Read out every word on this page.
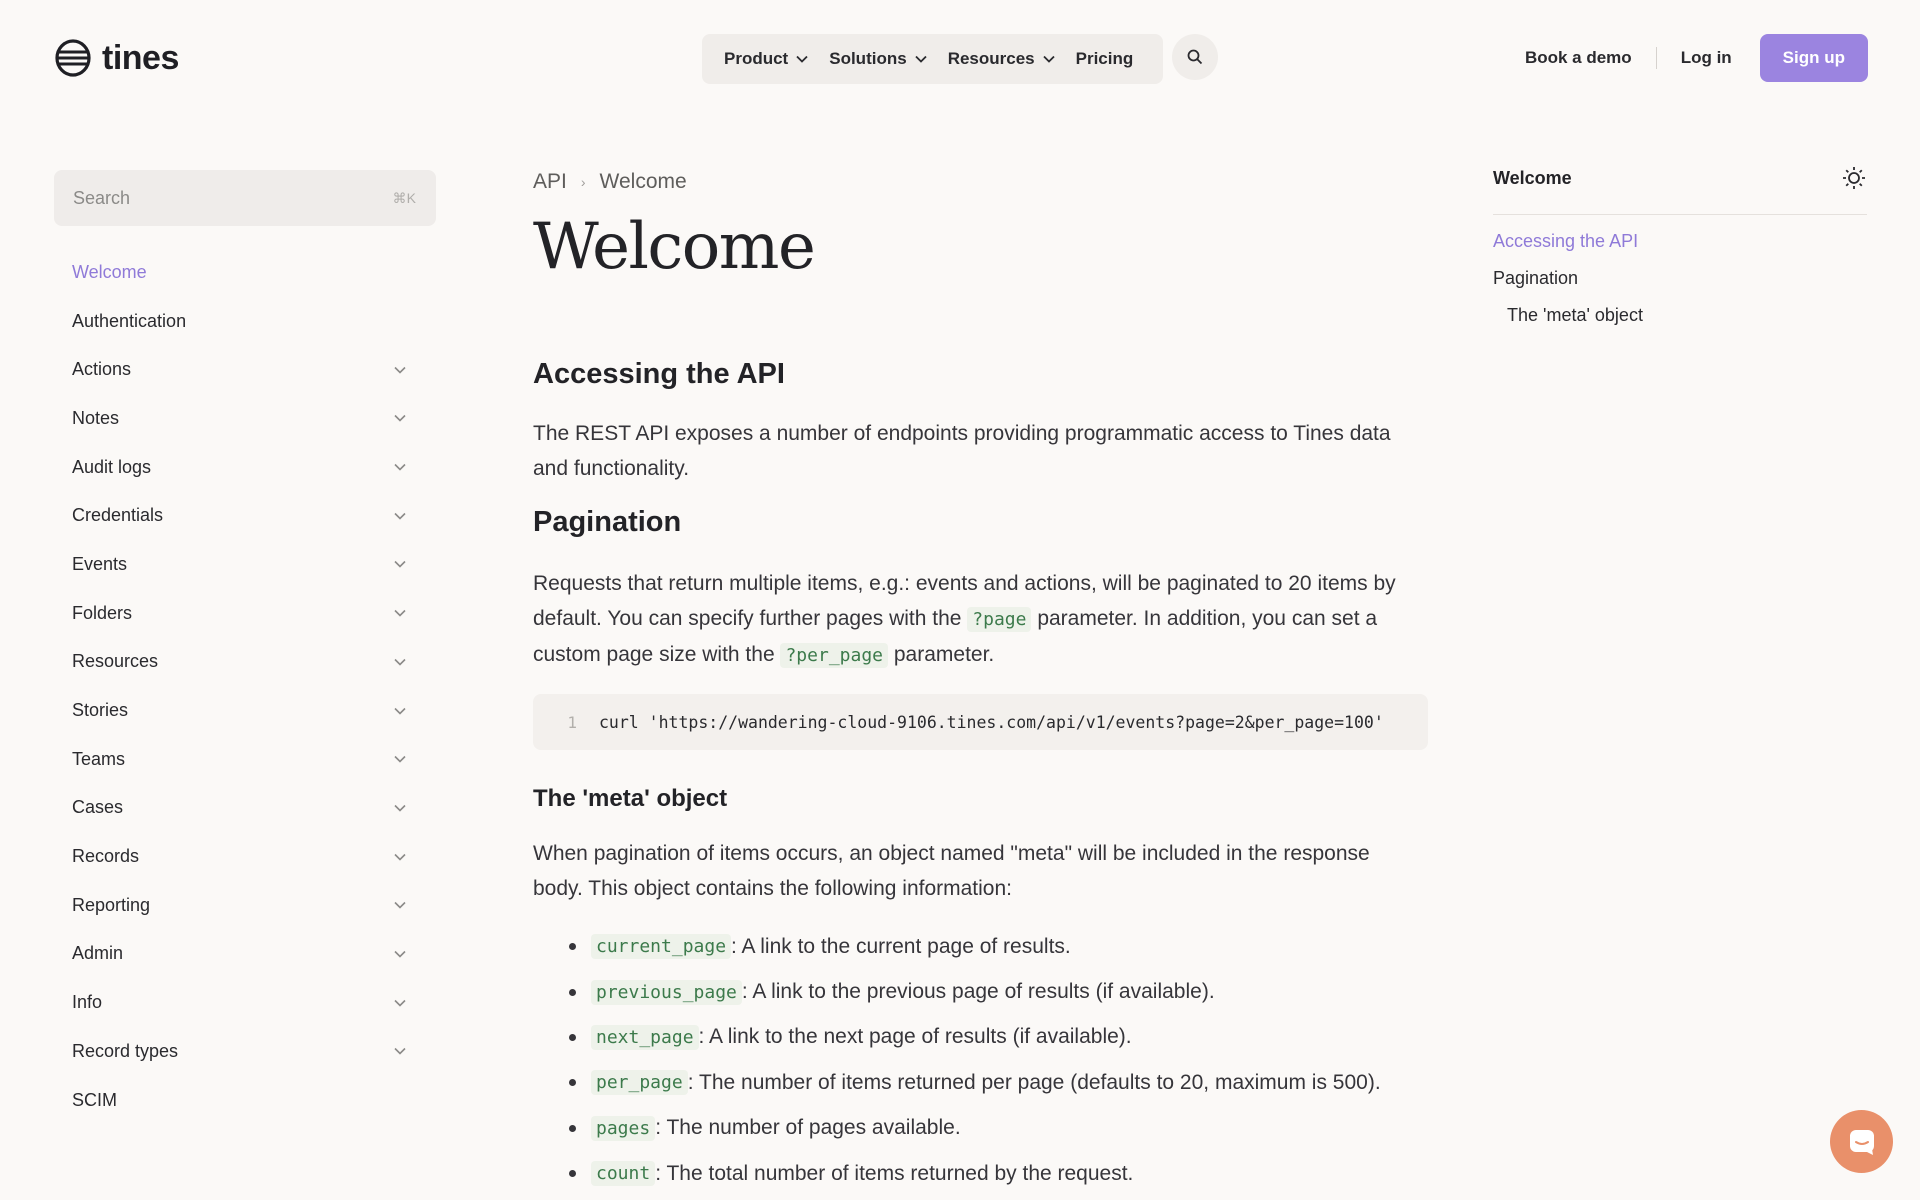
tines	Product Solutions Resources Pricing	Book a demo	Log in	Sign up
Search	⌘K
Welcome
Authentication
Actions
Notes
Audit logs
Credentials
Events
Folders
Resources
Stories
Teams
Cases
Records
Reporting
Admin
Info
Record types
SCIM
API › Welcome
Welcome
Accessing the API

The REST API exposes a number of endpoints providing programmatic access to Tines data and functionality.

Pagination

Requests that return multiple items, e.g.: events and actions, will be paginated to 20 items by default. You can specify further pages with the ?page parameter. In addition, you can set a custom page size with the ?per_page parameter.

1 curl 'https://wandering-cloud-9106.tines.com/api/v1/events?page=2&per_page=100'
The 'meta' object

When pagination of items occurs, an object named "meta" will be included in the response body. This object contains the following information:

current_page : A link to the current page of results.
previous_page : A link to the previous page of results (if available).
next_page : A link to the next page of results (if available).
per_page : The number of items returned per page (defaults to 20, maximum is 500).
pages : The number of pages available.
count : The total number of items returned by the request.
Welcome
Accessing the API
Pagination
The 'meta' object
